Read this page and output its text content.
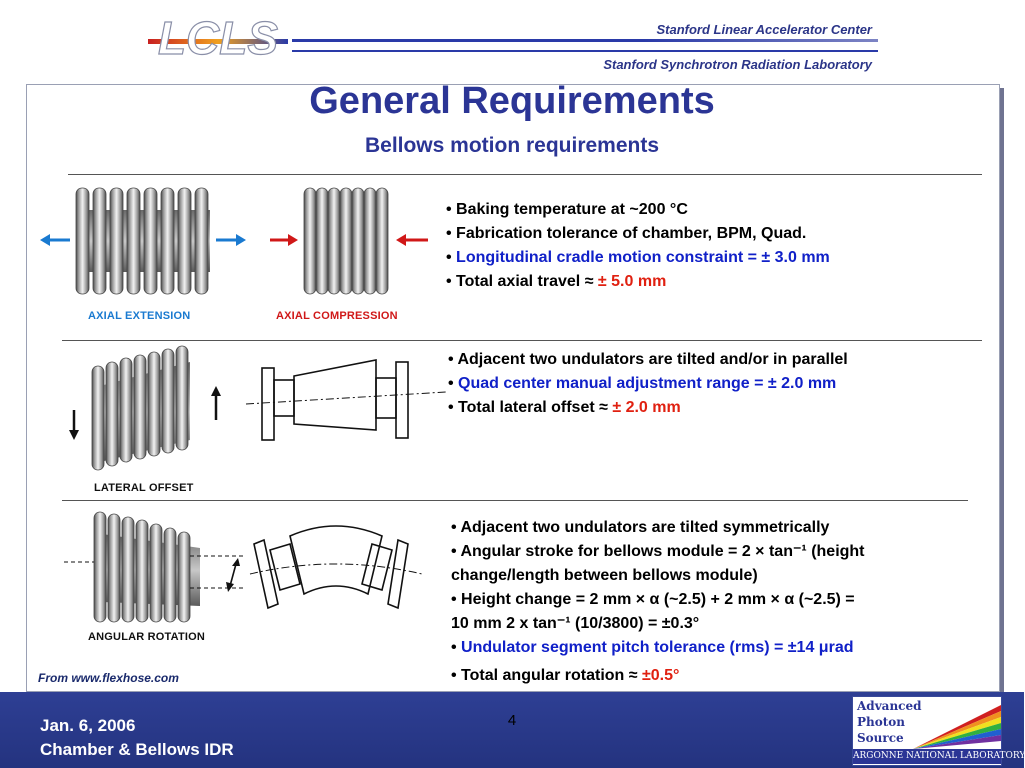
LCLS	Stanford Linear Accelerator Center
Stanford Synchrotron Radiation Laboratory
General Requirements
Bellows motion requirements
AXIAL EXTENSION	AXIAL COMPRESSION
• Baking temperature at ~200 °C
• Fabrication tolerance of chamber, BPM, Quad.
• Longitudinal cradle motion constraint = ± 3.0 mm
• Total axial travel ≈ ± 5.0 mm
LATERAL OFFSET
• Adjacent two undulators are tilted and/or in parallel
• Quad center manual adjustment range = ± 2.0 mm
• Total lateral offset ≈ ± 2.0 mm
ANGULAR ROTATION
• Adjacent two undulators are tilted symmetrically
• Angular stroke for bellows module = 2 × tan⁻¹ (height
change/length between bellows module)
• Height change = 2 mm × α (~2.5) + 2 mm × α (~2.5) =
10 mm 2 x tan⁻¹ (10/3800) = ±0.3°
• Undulator segment pitch tolerance (rms) = ±14 μrad
• Total angular rotation ≈ ±0.5°
From www.flexhose.com
Jan. 6, 2006
Chamber & Bellows IDR
4
Advanced
Photon
Source
ARGONNE NATIONAL LABORATORY
